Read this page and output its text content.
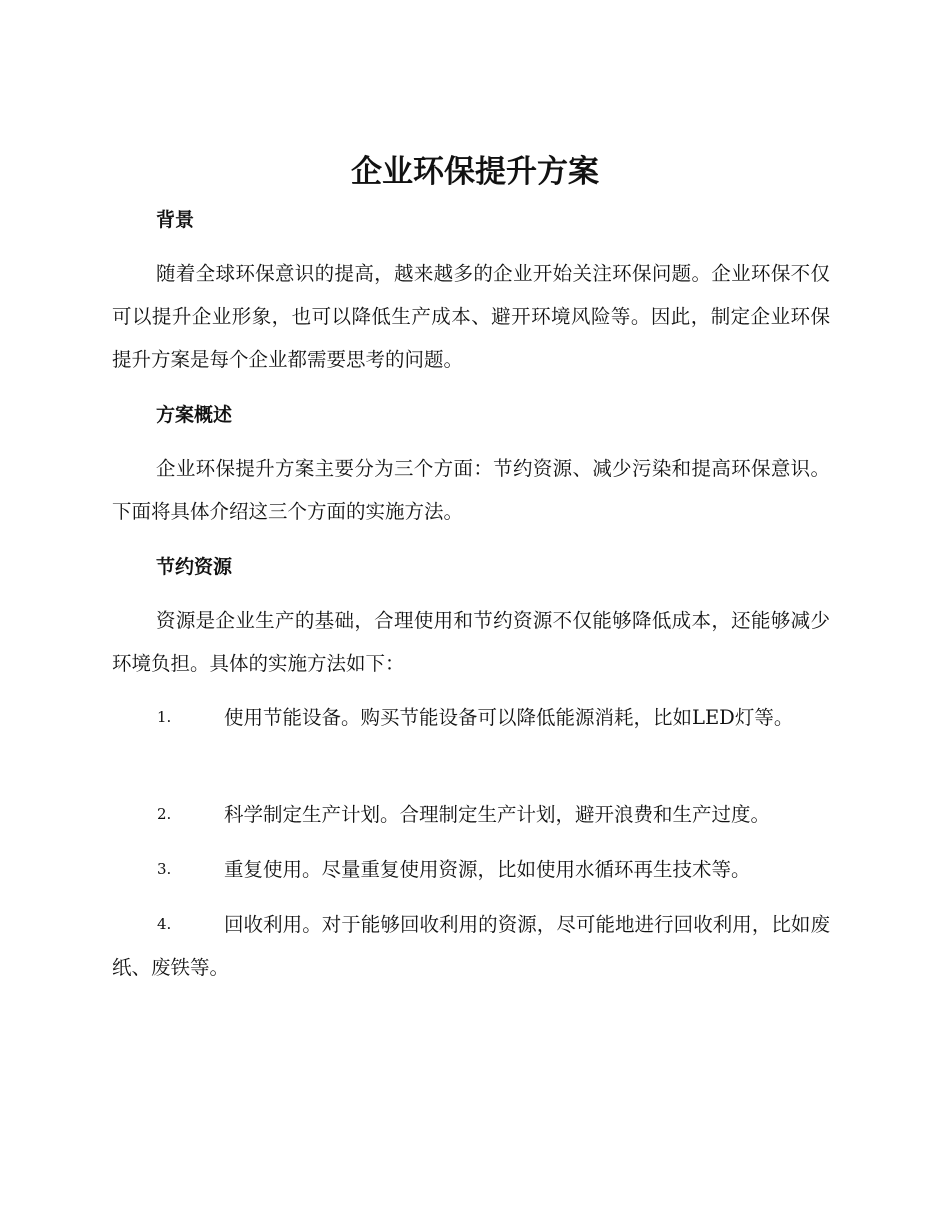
企业环保提升方案
背景
随着全球环保意识的提高，越来越多的企业开始关注环保问题。企业环保不仅可以提升企业形象，也可以降低生产成本、避开环境风险等。因此，制定企业环保提升方案是每个企业都需要思考的问题。
方案概述
企业环保提升方案主要分为三个方面：节约资源、减少污染和提高环保意识。下面将具体介绍这三个方面的实施方法。
节约资源
资源是企业生产的基础，合理使用和节约资源不仅能够降低成本，还能够减少环境负担。具体的实施方法如下：
1.	使用节能设备。购买节能设备可以降低能源消耗，比如LED灯等。
2.	科学制定生产计划。合理制定生产计划，避开浪费和生产过度。
3.	重复使用。尽量重复使用资源，比如使用水循环再生技术等。
4.	回收利用。对于能够回收利用的资源，尽可能地进行回收利用，比如废纸、废铁等。
